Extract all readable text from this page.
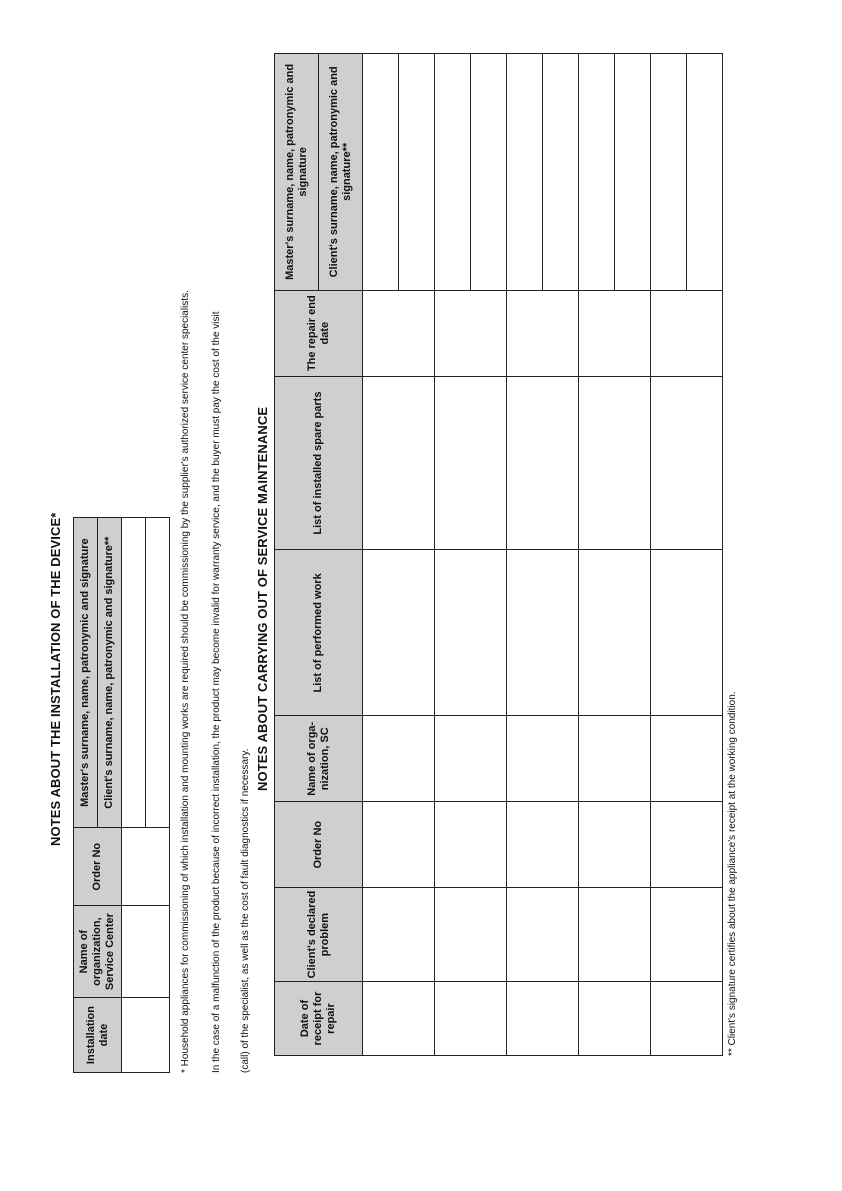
NOTES ABOUT THE INSTALLATION OF THE DEVICE*
Installation date	Name of organization, Service Center	Order No	Master's surname, name, patronymic and signature
			Client's surname, name, patronymic and signature**
				* Household appliances for commissioning of which installation and mounting works are required should be commissioning by the supplier's authorized service center specialists. In the case of a malfunction of the product because of incorrect installation, the product may become invalid for warranty service, and the buyer must pay the cost of the visit (call) of the specialist, as well as the cost of fault diagnostics if necessary.
NOTES ABOUT CARRYING OUT OF SERVICE MAINTENANCE
Date of receipt for repair	Client's declared problem	Order No	Name of orga-nization, SC	List of performed work	List of installed spare parts	The repair end date	Master's surname, name, patronymic and signature
							Client's surname, name, patronymic and signature**

** Client's signature certifies about the appliance's receipt at the working condition.
